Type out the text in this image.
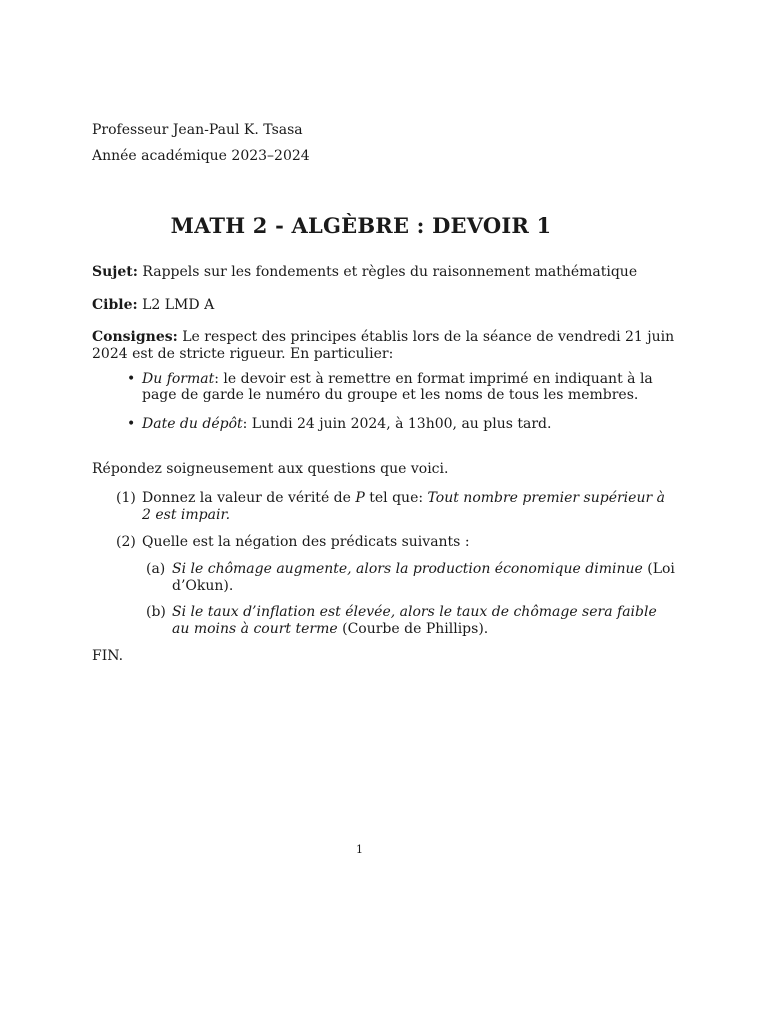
Professeur Jean-Paul K. Tsasa
Année académique 2023–2024
MATH 2 - ALGÈBRE : DEVOIR 1
Sujet: Rappels sur les fondements et règles du raisonnement mathématique
Cible: L2 LMD A
Consignes: Le respect des principes établis lors de la séance de vendredi 21 juin
2024 est de stricte rigueur. En particulier:
• Du format: le devoir est à remettre en format imprimé en indiquant à la
page de garde le numéro du groupe et les noms de tous les membres.
• Date du dépôt: Lundi 24 juin 2024, à 13h00, au plus tard.
Répondez soigneusement aux questions que voici.
(1) Donnez la valeur de vérité de P tel que: Tout nombre premier supérieur à
2 est impair.
(2) Quelle est la négation des prédicats suivants :
(a) Si le chômage augmente, alors la production économique diminue (Loi
d’Okun).
(b) Si le taux d’inflation est élevée, alors le taux de chômage sera faible
au moins à court terme (Courbe de Phillips).
FIN.
1
